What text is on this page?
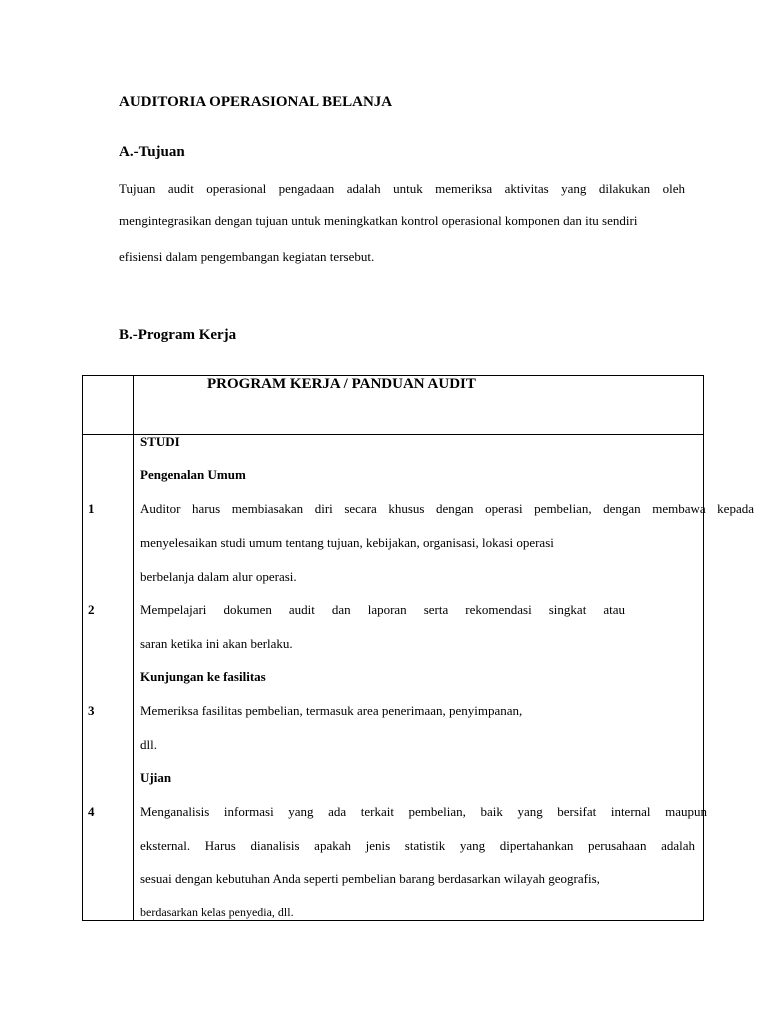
AUDITORIA OPERASIONAL BELANJA
A.-Tujuan
Tujuan audit operasional pengadaan adalah untuk memeriksa aktivitas yang dilakukan oleh
mengintegrasikan dengan tujuan untuk meningkatkan kontrol operasional komponen dan itu sendiri
efisiensi dalam pengembangan kegiatan tersebut.
B.-Program Kerja
PROGRAM KERJA / PANDUAN AUDIT
1
2
3
4
STUDI
Pengenalan Umum
Auditor harus membiasakan diri secara khusus dengan operasi pembelian, dengan membawa kepada
menyelesaikan studi umum tentang tujuan, kebijakan, organisasi, lokasi operasi
berbelanja dalam alur operasi.
Mempelajari dokumen audit dan laporan serta rekomendasi singkat atau
saran ketika ini akan berlaku.
Kunjungan ke fasilitas
Memeriksa fasilitas pembelian, termasuk area penerimaan, penyimpanan,
dll.
Ujian
Menganalisis informasi yang ada terkait pembelian, baik yang bersifat internal maupun
eksternal. Harus dianalisis apakah jenis statistik yang dipertahankan perusahaan adalah
sesuai dengan kebutuhan Anda seperti pembelian barang berdasarkan wilayah geografis,
berdasarkan kelas penyedia, dll.
